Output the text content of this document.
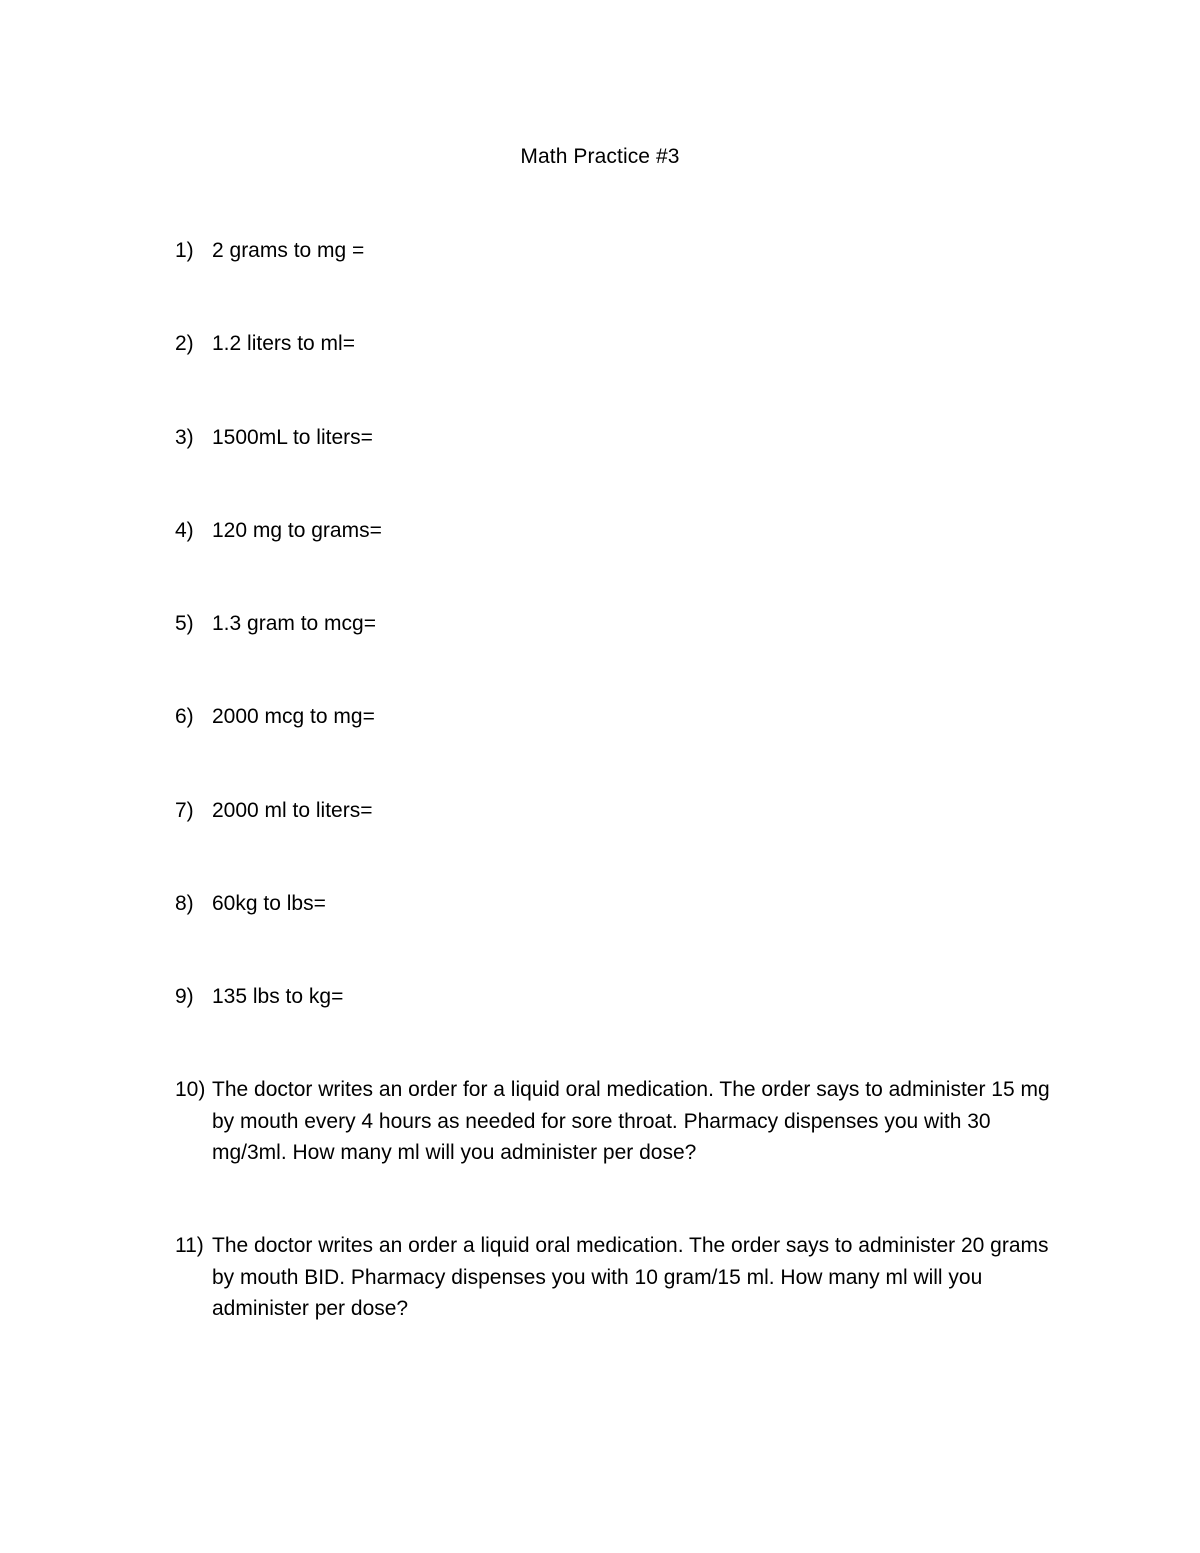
Math Practice #3
1) 2 grams to mg =
2) 1.2 liters to ml=
3) 1500mL to liters=
4) 120 mg to grams=
5) 1.3 gram to mcg=
6) 2000 mcg to mg=
7) 2000 ml to liters=
8) 60kg to lbs=
9) 135 lbs to kg=
10) The doctor writes an order for a liquid oral medication. The order says to administer 15 mg by mouth every 4 hours as needed for sore throat. Pharmacy dispenses you with 30 mg/3ml. How many ml will you administer per dose?
11) The doctor writes an order a liquid oral medication. The order says to administer 20 grams by mouth BID. Pharmacy dispenses you with 10 gram/15 ml. How many ml will you administer per dose?
